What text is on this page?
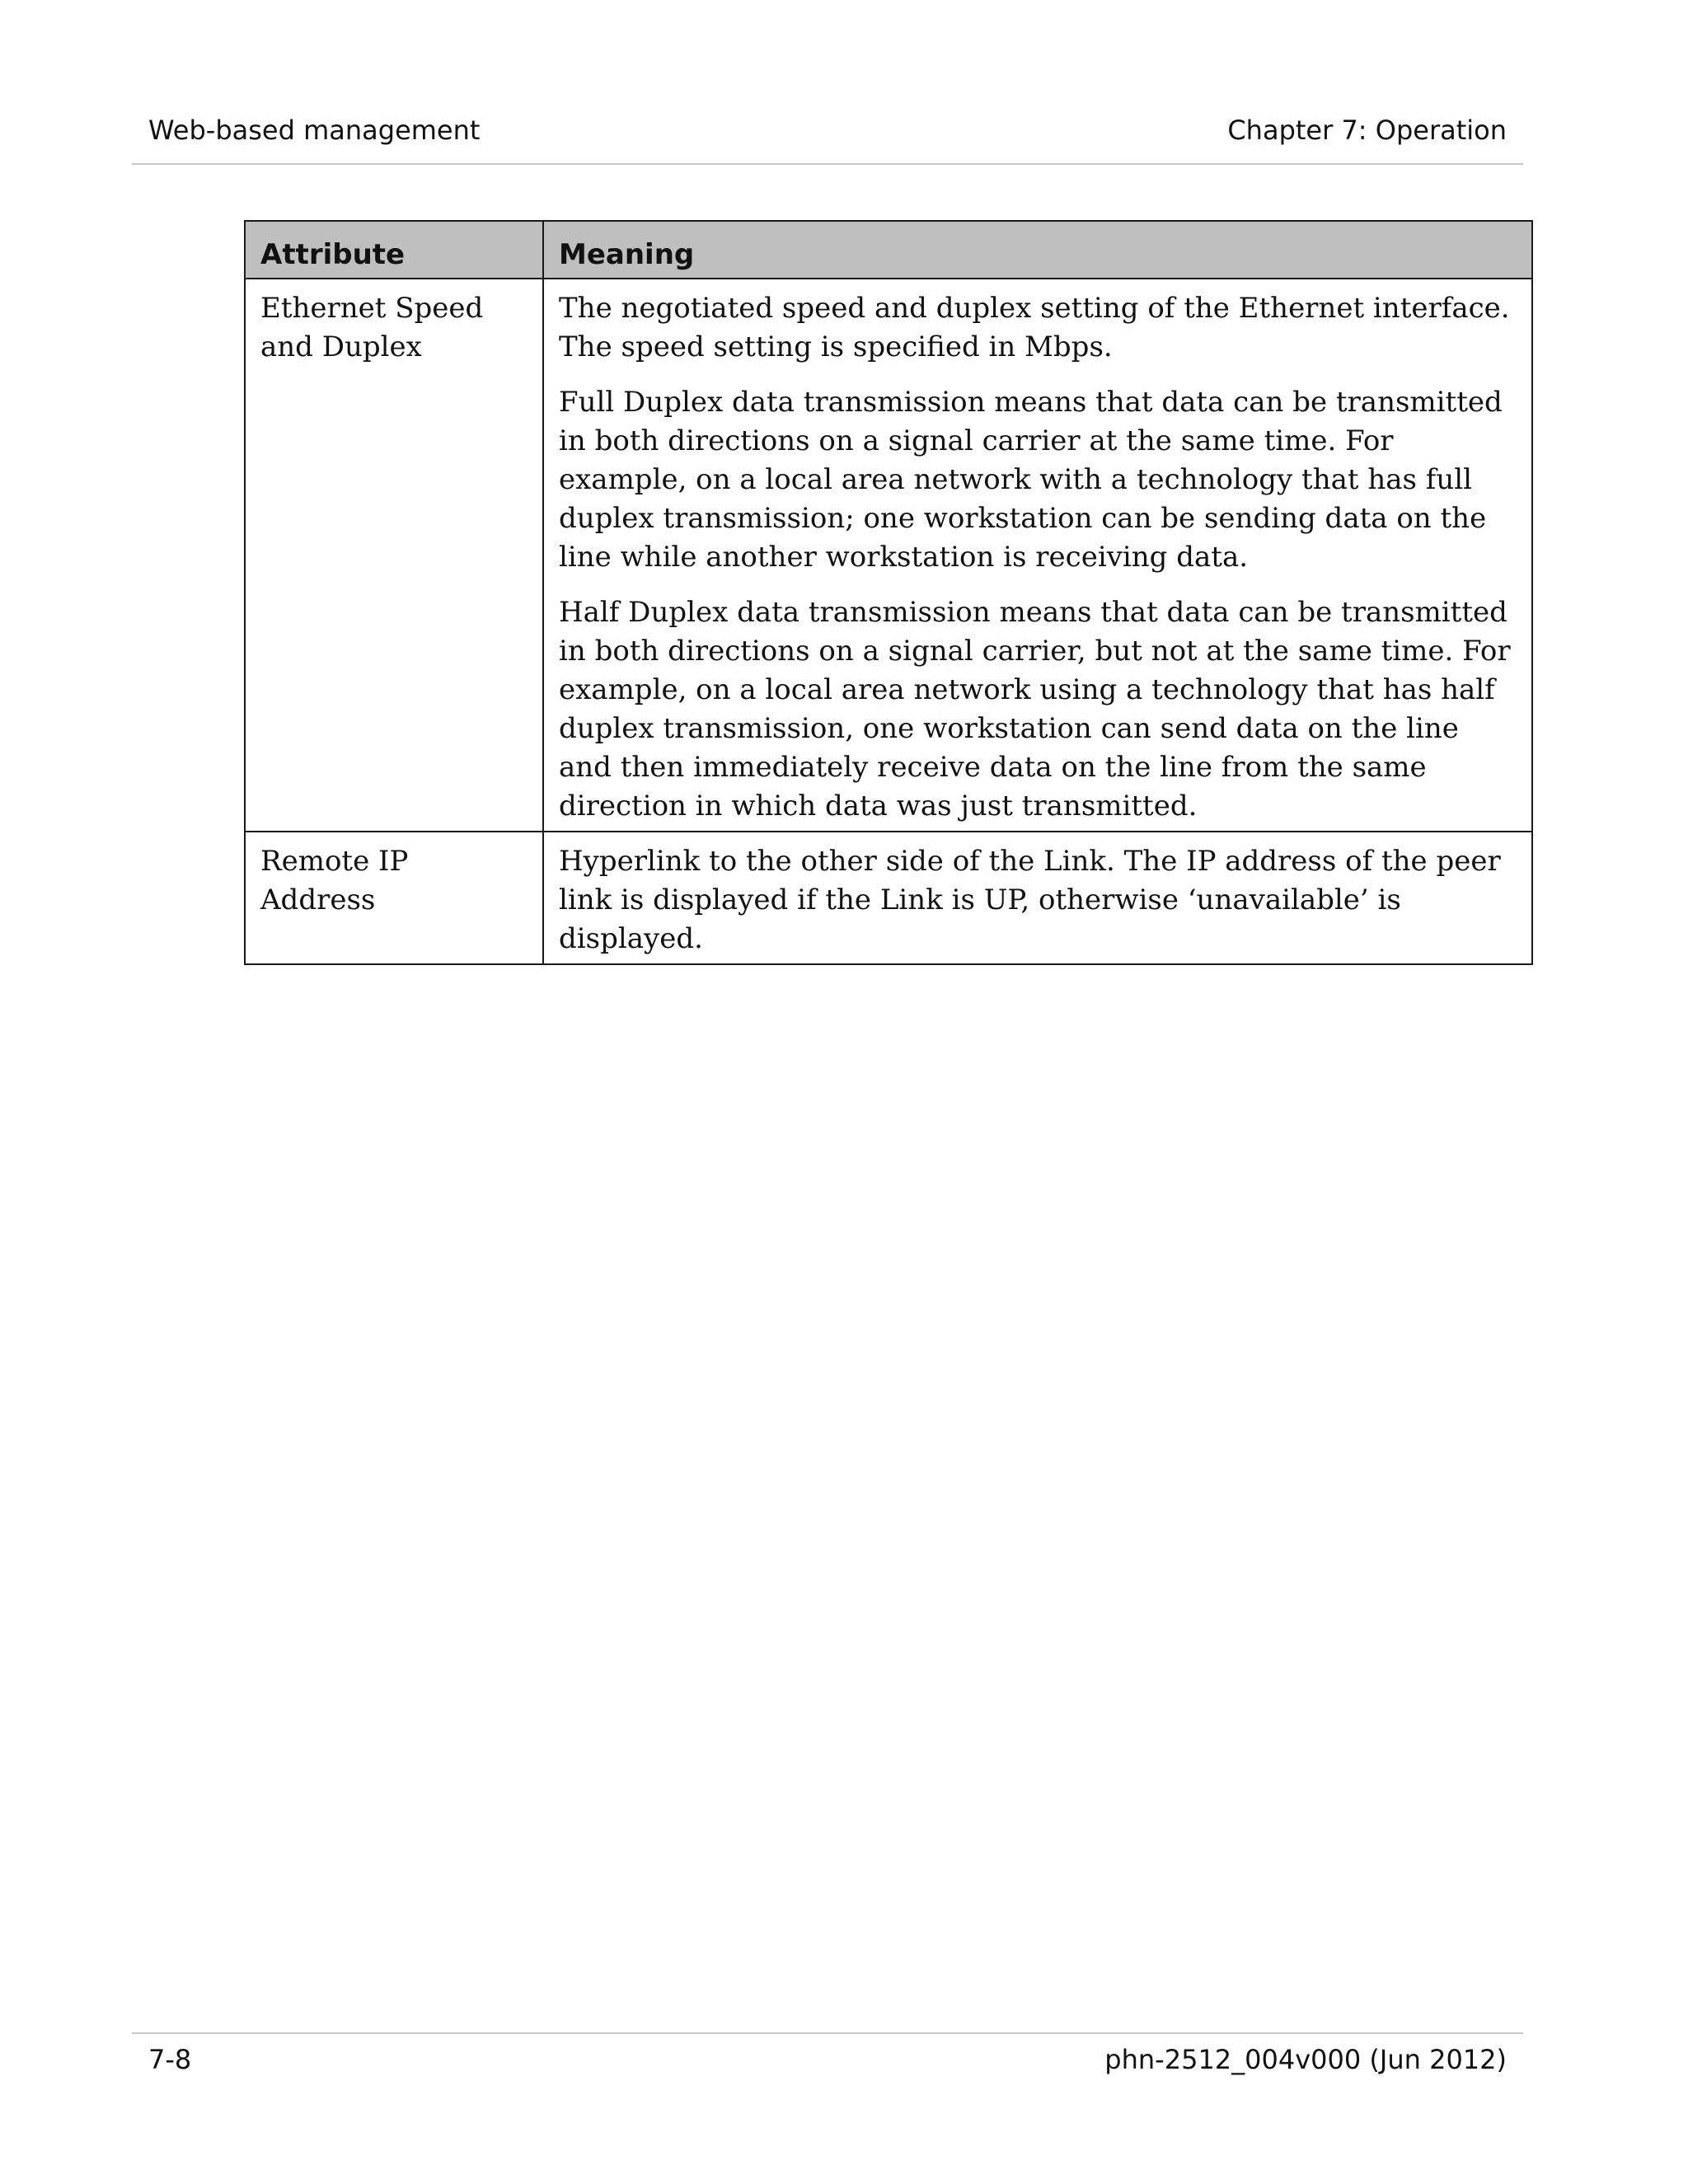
Web-based management	Chapter 7: Operation
Attribute	Meaning
Ethernet Speed and Duplex	The negotiated speed and duplex setting of the Ethernet interface. The speed setting is specified in Mbps.

Full Duplex data transmission means that data can be transmitted in both directions on a signal carrier at the same time. For example, on a local area network with a technology that has full duplex transmission; one workstation can be sending data on the line while another workstation is receiving data.

Half Duplex data transmission means that data can be transmitted in both directions on a signal carrier, but not at the same time. For example, on a local area network using a technology that has half duplex transmission, one workstation can send data on the line and then immediately receive data on the line from the same direction in which data was just transmitted.

Remote IP Address	Hyperlink to the other side of the Link. The IP address of the peer link is displayed if the Link is UP, otherwise ‘unavailable’ is displayed.

7-8	phn-2512_004v000 (Jun 2012)
